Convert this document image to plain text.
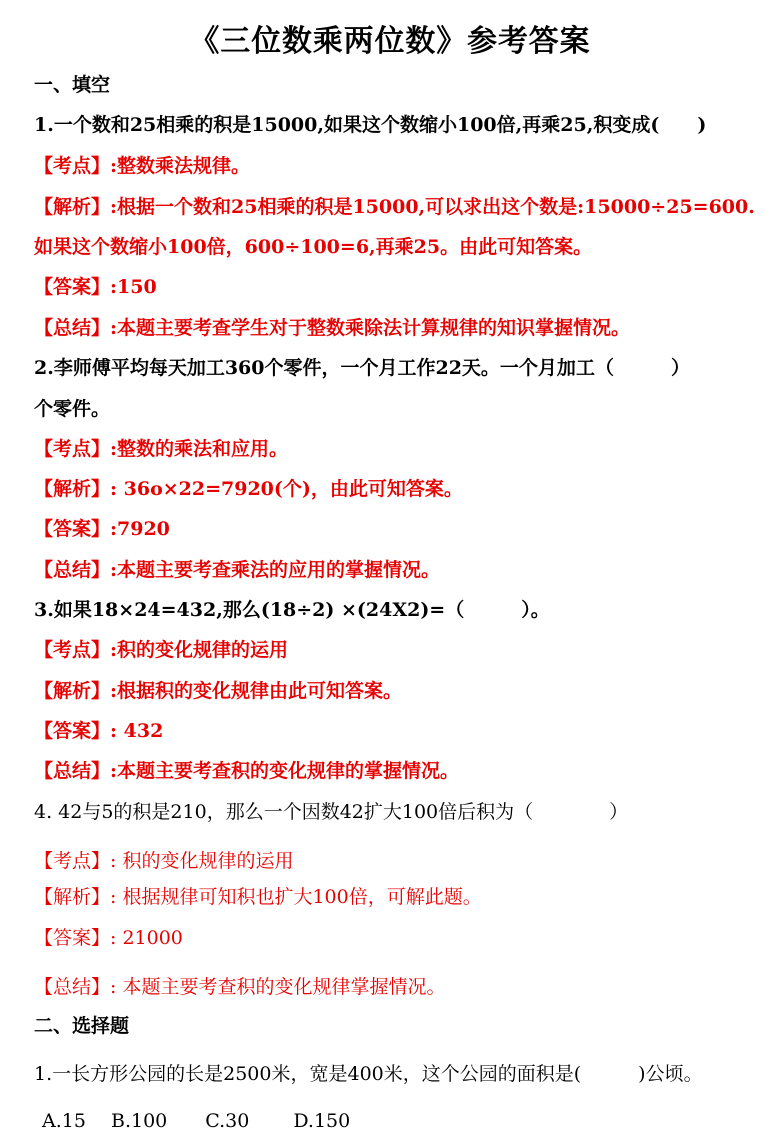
《三位数乘两位数》参考答案
一、填空
1.一个数和25相乘的积是15000,如果这个数缩小100倍,再乘25,积变成(　　)
【考点】:整数乘法规律。
【解析】:根据一个数和25相乘的积是15000,可以求出这个数是:15000÷25=600.
如果这个数缩小100倍，600÷100=6,再乘25。由此可知答案。
【答案】:150
【总结】:本题主要考查学生对于整数乘除法计算规律的知识掌握情况。
2.李师傅平均每天加工360个零件，一个月工作22天。一个月加工（　　　）
个零件。
【考点】:整数的乘法和应用。
【解析】: 36o×22=7920(个)，由此可知答案。
【答案】:7920
【总结】:本题主要考查乘法的应用的掌握情况。
3.如果18×24=432,那么(18÷2) ×(24X2)=（　　　）。
【考点】:积的变化规律的运用
【解析】:根据积的变化规律由此可知答案。
【答案】: 432
【总结】:本题主要考查积的变化规律的掌握情况。
4. 42与5的积是210，那么一个因数42扩大100倍后积为（　　　　）
【考点】: 积的变化规律的运用
【解析】: 根据规律可知积也扩大100倍，可解此题。
【答案】: 21000
【总结】: 本题主要考查积的变化规律掌握情况。
二、选择题
1.一长方形公园的长是2500米，宽是400米，这个公园的面积是(　　　)公顷。
A.15　 B.100　　C.30　　 D.150
